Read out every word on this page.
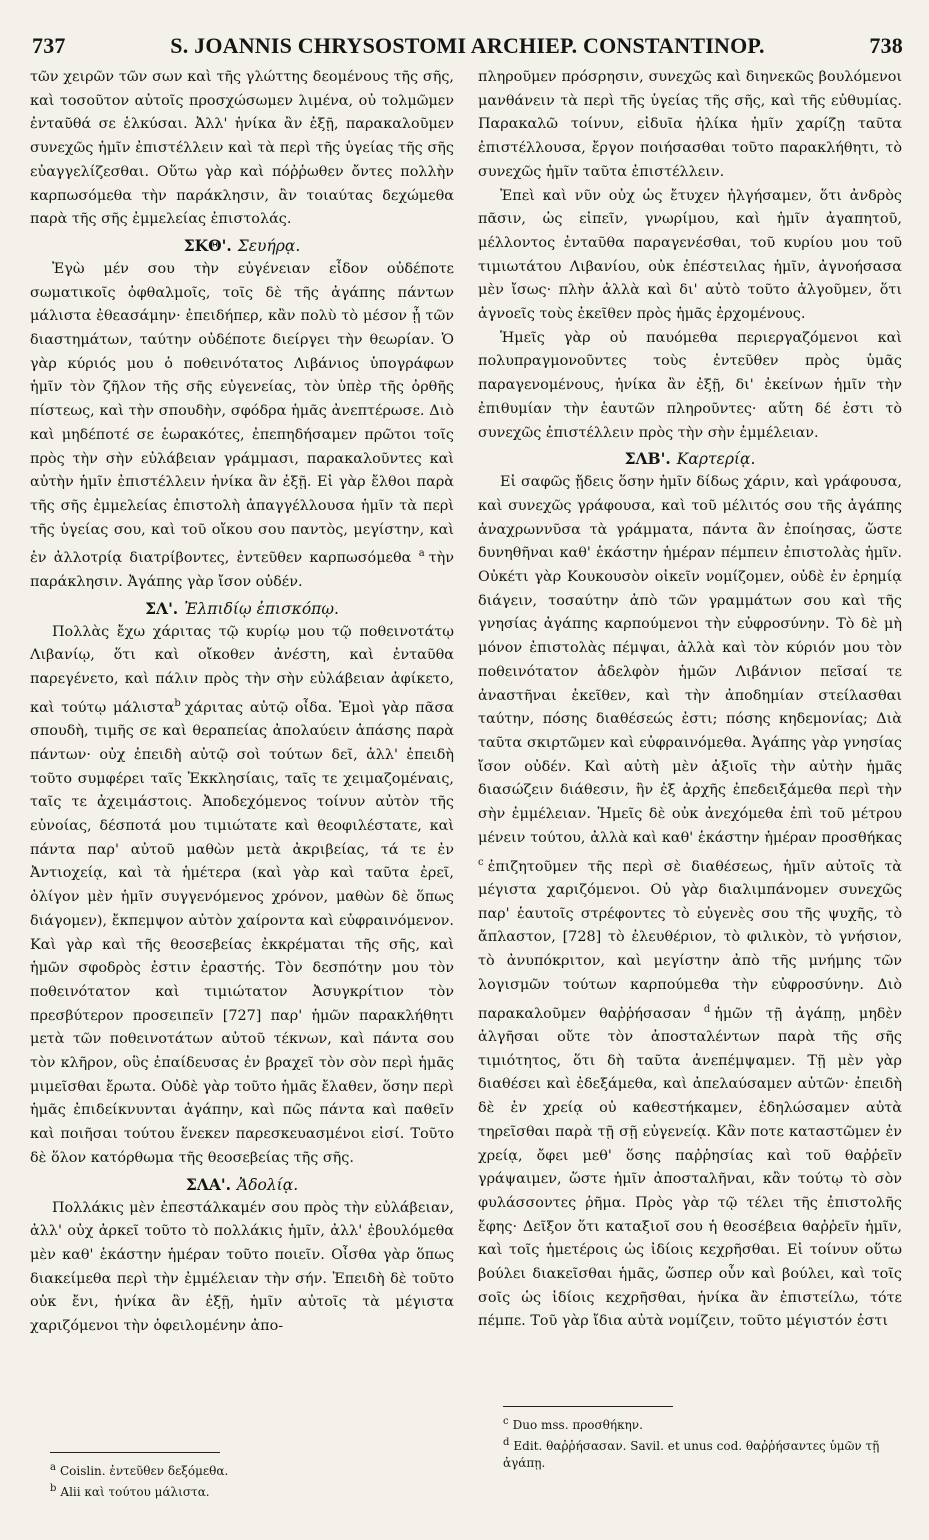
737	S. JOANNIS CHRYSOSTOMI ARCHIEP. CONSTANTINOP.	738

τῶν χειρῶν τῶν σων καὶ τῆς γλώττης δεομένους τῆς σῆς, καὶ τοσοῦτον αὐτοῖς προσχώσωμεν λιμένα, οὐ τολμῶμεν ἐνταῦθά σε ἑλκύσαι. Ἀλλ' ἡνίκα ἂν ἐξῇ, παρακαλοῦμεν συνεχῶς ἡμῖν ἐπιστέλλειν καὶ τὰ περὶ τῆς ὑγείας τῆς σῆς εὐαγγελίζεσθαι. Οὕτω γὰρ καὶ πόῤῥωθεν ὄντες πολλὴν καρπωσόμεθα τὴν παράκλησιν, ἂν τοιαύτας δεχώμεθα παρὰ τῆς σῆς ἐμμελείας ἐπιστολάς.

ΣΚΘ'. Σευήρᾳ.

Ἐγὼ μέν σου τὴν εὐγένειαν εἶδον οὐδέποτε σωματικοῖς ὀφθαλμοῖς, τοῖς δὲ τῆς ἀγάπης πάντων μάλιστα ἐθεασάμην· ἐπειδήπερ, κἂν πολὺ τὸ μέσον ᾖ τῶν διαστημάτων, ταύτην οὐδέποτε διείργει τὴν θεωρίαν. Ὁ γὰρ κύριός μου ὁ ποθεινότατος Λιβάνιος ὑπογράφων ἡμῖν τὸν ζῆλον τῆς σῆς εὐγενείας, τὸν ὑπὲρ τῆς ὀρθῆς πίστεως, καὶ τὴν σπουδὴν, σφόδρα ἡμᾶς ἀνεπτέρωσε. Διὸ καὶ μηδέποτέ σε ἑωρακότες, ἐπεπηδήσαμεν πρῶτοι τοῖς πρὸς τὴν σὴν εὐλάβειαν γράμμασι, παρακαλοῦντες καὶ αὐτὴν ἡμῖν ἐπιστέλλειν ἡνίκα ἂν ἐξῇ. Εἰ γὰρ ἔλθοι παρὰ τῆς σῆς ἐμμελείας ἐπιστολὴ ἀπαγγέλλουσα ἡμῖν τὰ περὶ τῆς ὑγείας σου, καὶ τοῦ οἴκου σου παντὸς, μεγίστην, καὶ ἐν ἀλλοτρίᾳ διατρίβοντες, ἐντεῦθεν καρπωσόμεθα $^a$ τὴν παράκλησιν. Ἀγάπης γὰρ ἴσον οὐδέν.

ΣΛ'. Ἐλπιδίῳ ἐπισκόπῳ.

Πολλὰς ἔχω χάριτας τῷ κυρίῳ μου τῷ ποθεινοτάτῳ Λιβανίῳ, ὅτι καὶ οἴκοθεν ἀνέστη, καὶ ἐνταῦθα παρεγένετο, καὶ πάλιν πρὸς τὴν σὴν εὐλάβειαν ἀφίκετο, καὶ τούτῳ μάλιστα$^b$ χάριτας αὐτῷ οἶδα. Ἐμοὶ γὰρ πᾶσα σπουδὴ, τιμῆς σε καὶ θεραπείας ἀπολαύειν ἁπάσης παρὰ πάντων· οὐχ ἐπειδὴ αὐτῷ σοὶ τούτων δεῖ, ἀλλ' ἐπειδὴ τοῦτο συμφέρει ταῖς Ἐκκλησίαις, ταῖς τε χειμαζομέναις, ταῖς τε ἀχειμάστοις. Ἀποδεχόμενος τοίνυν αὐτὸν τῆς εὐνοίας, δέσποτά μου τιμιώτατε καὶ θεοφιλέστατε, καὶ πάντα παρ' αὐτοῦ μαθὼν μετὰ ἀκριβείας, τά τε ἐν Ἀντιοχείᾳ, καὶ τὰ ἡμέτερα (καὶ γὰρ καὶ ταῦτα ἐρεῖ, ὀλίγον μὲν ἡμῖν συγγενόμενος χρόνον, μαθὼν δὲ ὅπως διάγομεν), ἔκπεμψον αὐτὸν χαίροντα καὶ εὐφραινόμενον. Καὶ γὰρ καὶ τῆς θεοσεβείας ἐκκρέμαται τῆς σῆς, καὶ ἡμῶν σφοδρὸς ἐστιν ἐραστής. Τὸν δεσπότην μου τὸν ποθεινότατον καὶ τιμιώτατον Ἀσυγκρίτιον τὸν πρεσβύτερον προσειπεῖν [727] παρ' ἡμῶν παρακλήθητι μετὰ τῶν ποθεινοτάτων αὐτοῦ τέκνων, καὶ πάντα σου τὸν κλῆρον, οὓς ἐπαίδευσας ἐν βραχεῖ τὸν σὸν περὶ ἡμᾶς μιμεῖσθαι ἔρωτα. Οὐδὲ γὰρ τοῦτο ἡμᾶς ἔλαθεν, ὅσην περὶ ἡμᾶς ἐπιδείκνυνται ἀγάπην, καὶ πῶς πάντα καὶ παθεῖν καὶ ποιῆσαι τούτου ἕνεκεν παρεσκευασμένοι εἰσί. Τοῦτο δὲ ὅλον κατόρθωμα τῆς θεοσεβείας τῆς σῆς.

ΣΛΑ'. Ἀδολίᾳ.

Πολλάκις μὲν ἐπεστάλκαμέν σου πρὸς τὴν εὐλάβειαν, ἀλλ' οὐχ ἀρκεῖ τοῦτο τὸ πολλάκις ἡμῖν, ἀλλ' ἐβουλόμεθα μὲν καθ' ἑκάστην ἡμέραν τοῦτο ποιεῖν. Οἶσθα γὰρ ὅπως διακείμεθα περὶ τὴν ἐμμέλειαν τὴν σήν. Ἐπειδὴ δὲ τοῦτο οὐκ ἔνι, ἡνίκα ἂν ἐξῇ, ἡμῖν αὐτοῖς τὰ μέγιστα χαριζόμενοι τὴν ὀφειλομένην ἀπο-

πληροῦμεν πρόσρησιν, συνεχῶς καὶ διηνεκῶς βουλόμενοι μανθάνειν τὰ περὶ τῆς ὑγείας τῆς σῆς, καὶ τῆς εὐθυμίας. Παρακαλῶ τοίνυν, εἰδυῖα ἡλίκα ἡμῖν χαρίζῃ ταῦτα ἐπιστέλλουσα, ἔργον ποιήσασθαι τοῦτο παρακλήθητι, τὸ συνεχῶς ἡμῖν ταῦτα ἐπιστέλλειν.

Ἐπεὶ καὶ νῦν οὐχ ὡς ἔτυχεν ἠλγήσαμεν, ὅτι ἀνδρὸς πᾶσιν, ὡς εἰπεῖν, γνωρίμου, καὶ ἡμῖν ἀγαπητοῦ, μέλλοντος ἐνταῦθα παραγενέσθαι, τοῦ κυρίου μου τοῦ τιμιωτάτου Λιβανίου, οὐκ ἐπέστειλας ἡμῖν, ἀγνοήσασα μὲν ἴσως· πλὴν ἀλλὰ καὶ δι' αὐτὸ τοῦτο ἀλγοῦμεν, ὅτι ἀγνοεῖς τοὺς ἐκεῖθεν πρὸς ἡμᾶς ἐρχομένους.

Ἡμεῖς γὰρ οὐ παυόμεθα περιεργαζόμενοι καὶ πολυπραγμονοῦντες τοὺς ἐντεῦθεν πρὸς ὑμᾶς παραγενομένους, ἡνίκα ἂν ἐξῇ, δι' ἐκείνων ἡμῖν τὴν ἐπιθυμίαν τὴν ἑαυτῶν πληροῦντες· αὕτη δέ ἐστι τὸ συνεχῶς ἐπιστέλλειν πρὸς τὴν σὴν ἐμμέλειαν.

ΣΛΒ'. Καρτερίᾳ.

Εἰ σαφῶς ᾔδεις ὅσην ἡμῖν δίδως χάριν, καὶ γράφουσα, καὶ συνεχῶς γράφουσα, καὶ τοῦ μέλιτός σου τῆς ἀγάπης ἀναχρωννῦσα τὰ γράμματα, πάντα ἂν ἐποίησας, ὥστε δυνηθῆναι καθ' ἑκάστην ἡμέραν πέμπειν ἐπιστολὰς ἡμῖν. Οὐκέτι γὰρ Κουκουσὸν οἰκεῖν νομίζομεν, οὐδὲ ἐν ἐρημίᾳ διάγειν, τοσαύτην ἀπὸ τῶν γραμμάτων σου καὶ τῆς γνησίας ἀγάπης καρπούμενοι τὴν εὐφροσύνην. Τὸ δὲ μὴ μόνον ἐπιστολὰς πέμψαι, ἀλλὰ καὶ τὸν κύριόν μου τὸν ποθεινότατον ἀδελφὸν ἡμῶν Λιβάνιον πεῖσαί τε ἀναστῆναι ἐκεῖθεν, καὶ τὴν ἀποδημίαν στείλασθαι ταύτην, πόσης διαθέσεώς ἐστι; πόσης κηδεμονίας; Διὰ ταῦτα σκιρτῶμεν καὶ εὐφραινόμεθα. Ἀγάπης γὰρ γνησίας ἴσον οὐδέν. Καὶ αὐτὴ μὲν ἀξιοῖς τὴν αὐτὴν ἡμᾶς διασώζειν διάθεσιν, ἣν ἐξ ἀρχῆς ἐπεδειξάμεθα περὶ τὴν σὴν ἐμμέλειαν. Ἡμεῖς δὲ οὐκ ἀνεχόμεθα ἐπὶ τοῦ μέτρου μένειν τούτου, ἀλλὰ καὶ καθ' ἑκάστην ἡμέραν προσθήκας $^c$ ἐπιζητοῦμεν τῆς περὶ σὲ διαθέσεως, ἡμῖν αὐτοῖς τὰ μέγιστα χαριζόμενοι. Οὐ γὰρ διαλιμπάνομεν συνεχῶς παρ' ἑαυτοῖς στρέφοντες τὸ εὐγενὲς σου τῆς ψυχῆς, τὸ ἄπλαστον, [728] τὸ ἐλευθέριον, τὸ φιλικὸν, τὸ γνήσιον, τὸ ἀνυπόκριτον, καὶ μεγίστην ἀπὸ τῆς μνήμης τῶν λογισμῶν τούτων καρπούμεθα τὴν εὐφροσύνην. Διὸ παρακαλοῦμεν θαῤῥήσασαν $^d$ ἡμῶν τῇ ἀγάπῃ, μηδὲν ἀλγῆσαι οὔτε τὸν ἀποσταλέντων παρὰ τῆς σῆς τιμιότητος, ὅτι δὴ ταῦτα ἀνεπέμψαμεν. Τῇ μὲν γὰρ διαθέσει καὶ ἐδεξάμεθα, καὶ ἀπελαύσαμεν αὐτῶν· ἐπειδὴ δὲ ἐν χρείᾳ οὐ καθεστήκαμεν, ἐδηλώσαμεν αὐτὰ τηρεῖσθαι παρὰ τῇ σῇ εὐγενείᾳ. Κἂν ποτε καταστῶμεν ἐν χρείᾳ, ὄφει μεθ' ὅσης παῤῥησίας καὶ τοῦ θαῤῥεῖν γράψαιμεν, ὥστε ἡμῖν ἀποσταλῆναι, κἂν τούτῳ τὸ σὸν φυλάσσοντες ῥῆμα. Πρὸς γὰρ τῷ τέλει τῆς ἐπιστολῆς ἔφης· Δεῖξον ὅτι καταξιοῖ σου ἡ θεοσέβεια θαῤῥεῖν ἡμῖν, καὶ τοῖς ἡμετέροις ὡς ἰδίοις κεχρῆσθαι. Εἰ τοίνυν οὕτω βούλει διακεῖσθαι ἡμᾶς, ὥσπερ οὖν καὶ βούλει, καὶ τοῖς σοῖς ὡς ἰδίοις κεχρῆσθαι, ἡνίκα ἂν ἐπιστείλω, τότε πέμπε. Τοῦ γὰρ ἴδια αὐτὰ νομίζειν, τοῦτο μέγιστόν ἐστι

$^a$ Coislin. ἐντεῦθεν δεξόμεθα.
$^b$ Alii καὶ τούτου μάλιστα.
$^c$ Duo mss. προσθήκην.
$^d$ Edit. θαῤῥήσασαν. Savil. et unus cod. θαῤῥήσαντες ὑμῶν τῇ ἀγάπῃ.
